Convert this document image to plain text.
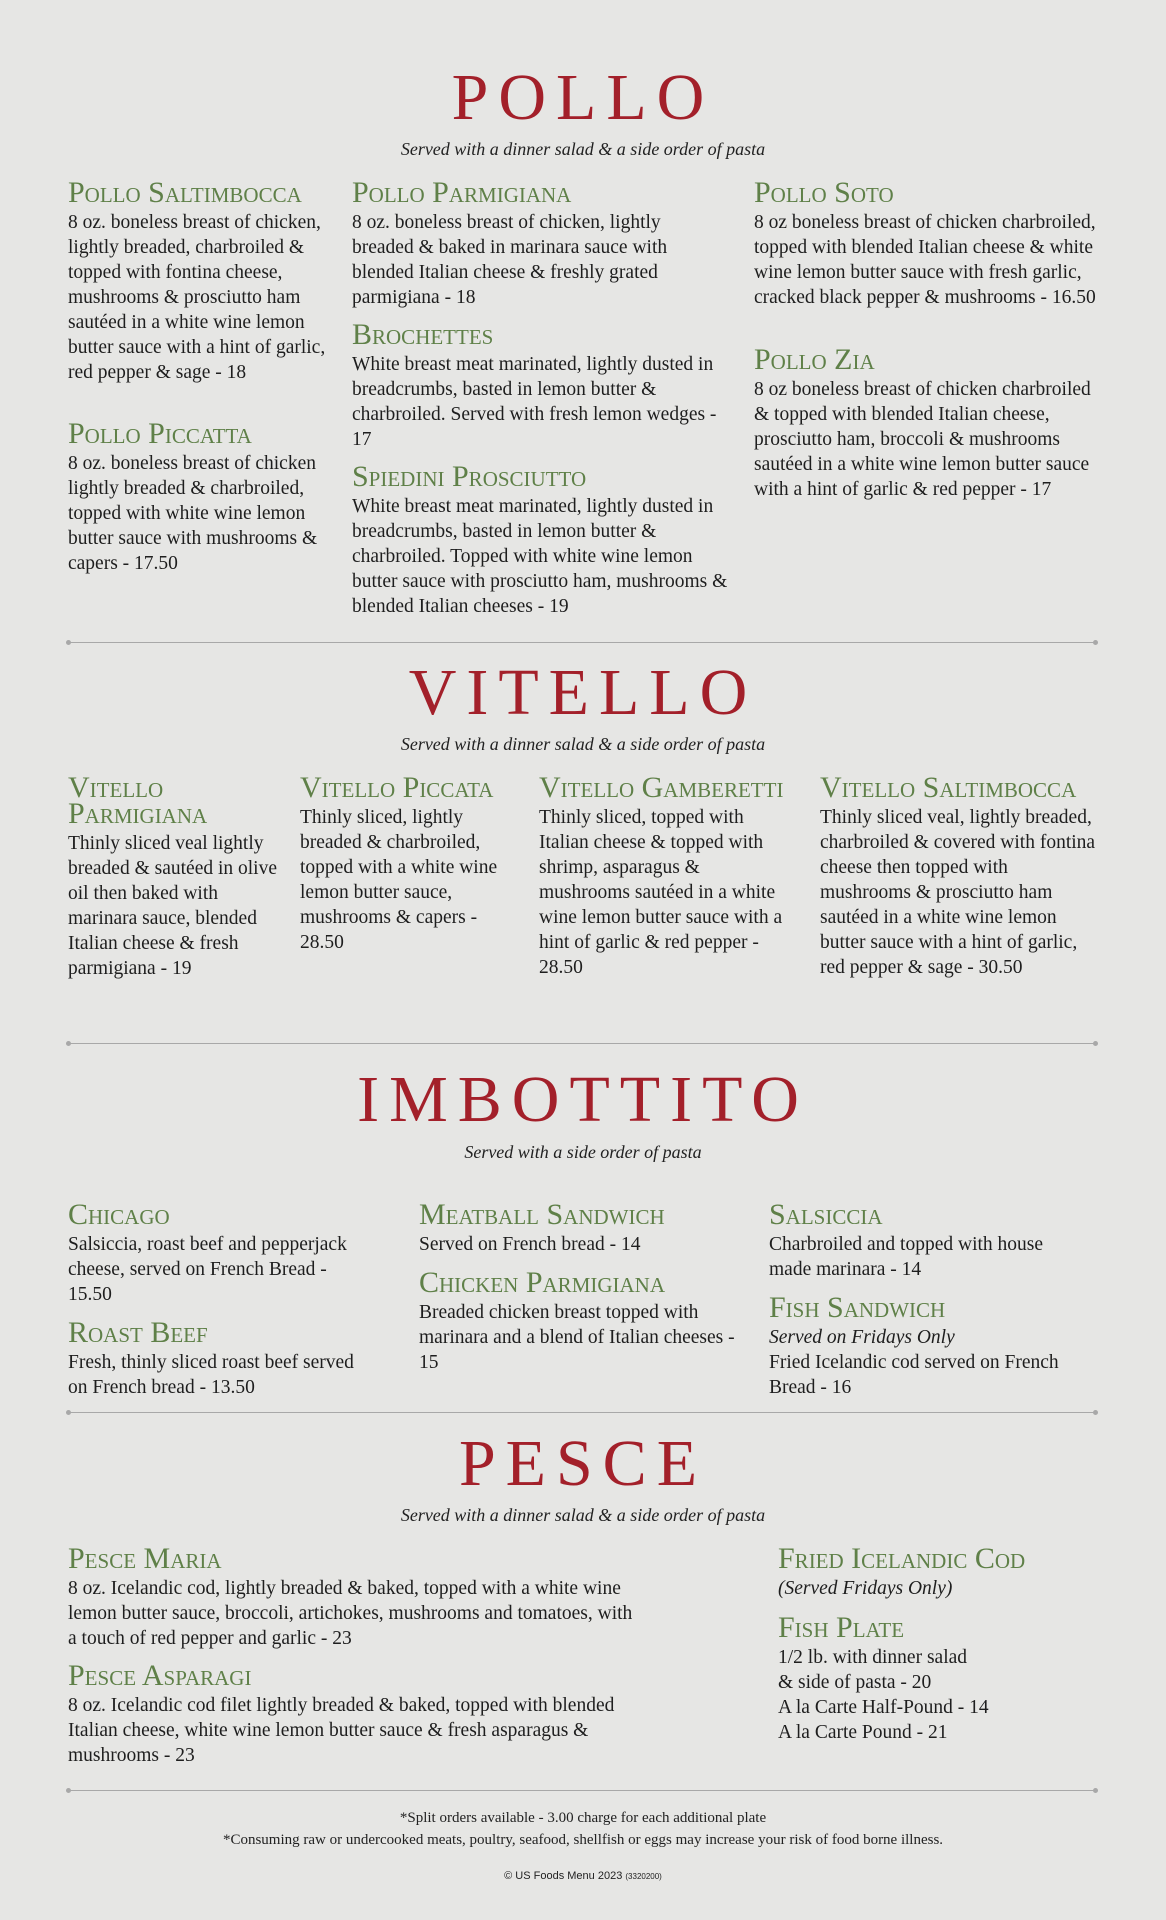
POLLO
Served with a dinner salad & a side order of pasta
Pollo Saltimbocca

8 oz. boneless breast of chicken, lightly breaded, charbroiled & topped with fontina cheese, mushrooms & prosciutto ham sautéed in a white wine lemon butter sauce with a hint of garlic, red pepper & sage - 18

Pollo Piccatta

8 oz. boneless breast of chicken lightly breaded & charbroiled, topped with white wine lemon butter sauce with mushrooms & capers - 17.50

Pollo Parmigiana

8 oz. boneless breast of chicken, lightly breaded & baked in marinara sauce with blended Italian cheese & freshly grated parmigiana - 18

Brochettes

White breast meat marinated, lightly dusted in breadcrumbs, basted in lemon butter & charbroiled. Served with fresh lemon wedges - 17

Spiedini Prosciutto

White breast meat marinated, lightly dusted in breadcrumbs, basted in lemon butter & charbroiled. Topped with white wine lemon butter sauce with prosciutto ham, mushrooms & blended Italian cheeses - 19

Pollo Soto

8 oz boneless breast of chicken charbroiled, topped with blended Italian cheese & white wine lemon butter sauce with fresh garlic, cracked black pepper & mushrooms - 16.50

Pollo Zia

8 oz boneless breast of chicken charbroiled & topped with blended Italian cheese, prosciutto ham, broccoli & mushrooms sautéed in a white wine lemon butter sauce with a hint of garlic & red pepper - 17

VITELLO
Served with a dinner salad & a side order of pasta
Vitello Parmigiana

Thinly sliced veal lightly breaded & sautéed in olive oil then baked with marinara sauce, blended Italian cheese & fresh parmigiana - 19

Vitello Piccata

Thinly sliced, lightly breaded & charbroiled, topped with a white wine lemon butter sauce, mushrooms & capers - 28.50

Vitello Gamberetti

Thinly sliced, topped with Italian cheese & topped with shrimp, asparagus & mushrooms sautéed in a white wine lemon butter sauce with a hint of garlic & red pepper - 28.50

Vitello Saltimbocca

Thinly sliced veal, lightly breaded, charbroiled & covered with fontina cheese then topped with mushrooms & prosciutto ham sautéed in a white wine lemon butter sauce with a hint of garlic, red pepper & sage - 30.50

IMBOTTITO
Served with a side order of pasta
Chicago

Salsiccia, roast beef and pepperjack cheese, served on French Bread - 15.50

Roast Beef

Fresh, thinly sliced roast beef served on French bread - 13.50

Meatball Sandwich

Served on French bread - 14

Chicken Parmigiana

Breaded chicken breast topped with marinara and a blend of Italian cheeses - 15

Salsiccia

Charbroiled and topped with house made marinara - 14

Fish Sandwich

Served on Fridays Only

Fried Icelandic cod served on French Bread - 16

PESCE
Served with a dinner salad & a side order of pasta
Pesce Maria

8 oz. Icelandic cod, lightly breaded & baked, topped with a white wine lemon butter sauce, broccoli, artichokes, mushrooms and tomatoes, with a touch of red pepper and garlic - 23

Pesce Asparagi

8 oz. Icelandic cod filet lightly breaded & baked, topped with blended Italian cheese, white wine lemon butter sauce & fresh asparagus & mushrooms - 23

Fried Icelandic Cod

(Served Fridays Only)

Fish Plate

1/2 lb. with dinner salad

& side of pasta - 20

A la Carte Half-Pound - 14

A la Carte Pound - 21

*Split orders available - 3.00 charge for each additional plate
*Consuming raw or undercooked meats, poultry, seafood, shellfish or eggs may increase your risk of food borne illness.
© US Foods Menu 2023 (3320200)
